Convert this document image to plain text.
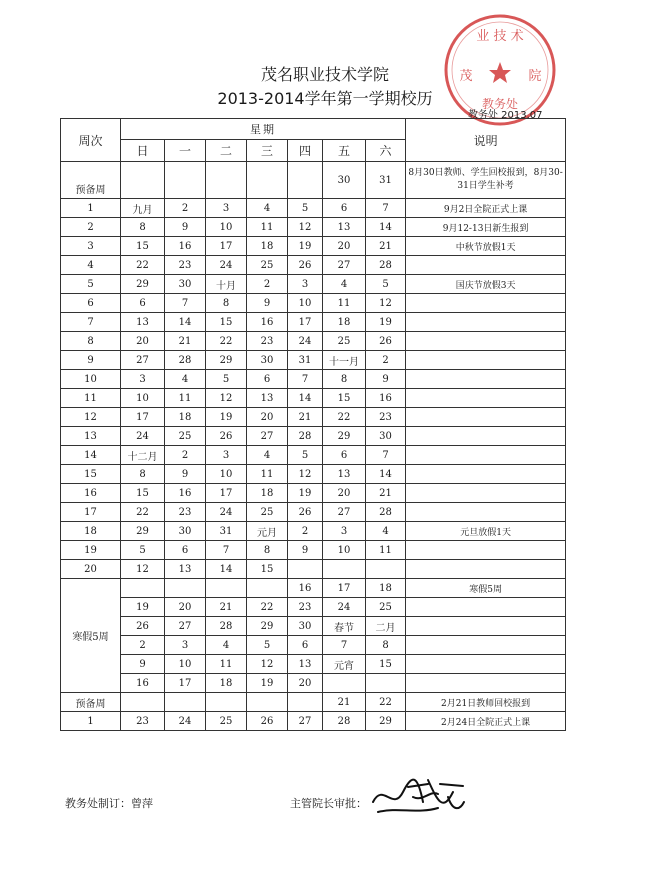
业 技 术
茂	院
教务处
茂名职业技术学院
2013-2014学年第一学期校历
教务处 2013.07
周次	星期							说明
	日	一	二	三	四	五	六	
预备周						30	31	8月30日教师、学生回校报到，8月30-31日学生补考
1	九月	2	3	4	5	6	7	9月2日全院正式上课
2	8	9	10	11	12	13	14	9月12-13日新生报到
3	15	16	17	18	19	20	21	中秋节放假1天
4	22	23	24	25	26	27	28	
5	29	30	十月	2	3	4	5	国庆节放假3天
6	6	7	8	9	10	11	12	
7	13	14	15	16	17	18	19	
8	20	21	22	23	24	25	26	
9	27	28	29	30	31	十一月	2	
10	3	4	5	6	7	8	9	
11	10	11	12	13	14	15	16	
12	17	18	19	20	21	22	23	
13	24	25	26	27	28	29	30	
14	十二月	2	3	4	5	6	7	
15	8	9	10	11	12	13	14	
16	15	16	17	18	19	20	21	
17	22	23	24	25	26	27	28	
18	29	30	31	元月	2	3	4	元旦放假1天
19	5	6	7	8	9	10	11	
20	12	13	14	15				
寒假5周					16	17	18	寒假5周
	19	20	21	22	23	24	25	
	26	27	28	29	30	春节	二月	
	2	3	4	5	6	7	8	
	9	10	11	12	13	元宵	15	
	16	17	18	19	20			
预备周						21	22	2月21日教师回校报到
1	23	24	25	26	27	28	29	2月24日全院正式上课
教务处制订：曾萍	主管院长审批：
